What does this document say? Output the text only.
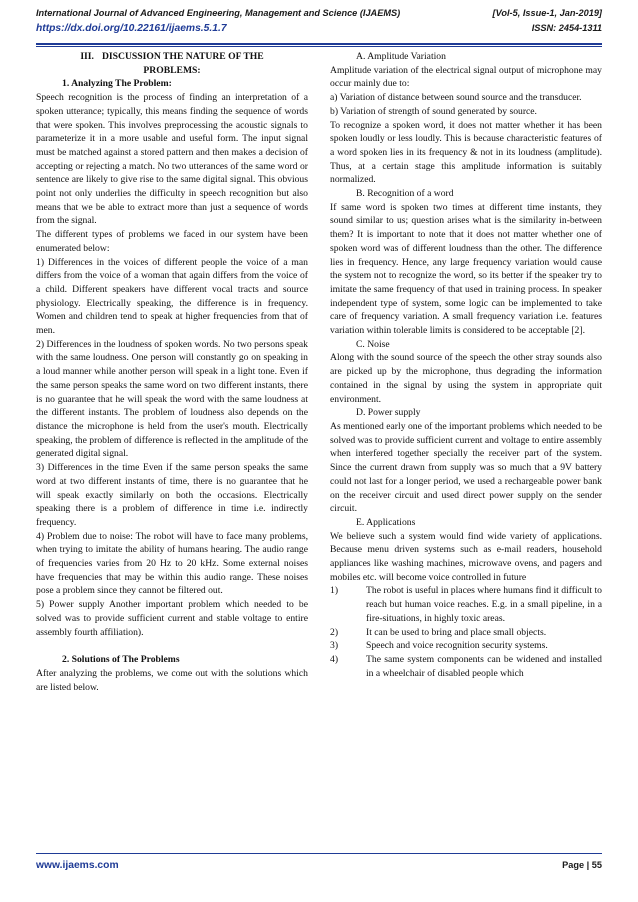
International Journal of Advanced Engineering, Management and Science (IJAEMS)	[Vol-5, Issue-1, Jan-2019]
https://dx.doi.org/10.22161/ijaems.5.1.7	ISSN: 2454-1311

III. DISCUSSION THE NATURE OF THE PROBLEMS:

1. Analyzing The Problem:

Speech recognition is the process of finding an interpretation of a spoken utterance; typically, this means finding the sequence of words that were spoken. This involves preprocessing the acoustic signals to parameterize it in a more usable and useful form. The input signal must be matched against a stored pattern and then makes a decision of accepting or rejecting a match. No two utterances of the same word or sentence are likely to give rise to the same digital signal. This obvious point not only underlies the difficulty in speech recognition but also means that we be able to extract more than just a sequence of words from the signal.

The different types of problems we faced in our system have been enumerated below:

1) Differences in the voices of different people the voice of a man differs from the voice of a woman that again differs from the voice of a child. Different speakers have different vocal tracts and source physiology. Electrically speaking, the difference is in frequency. Women and children tend to speak at higher frequencies from that of men.

2) Differences in the loudness of spoken words. No two persons speak with the same loudness. One person will constantly go on speaking in a loud manner while another person will speak in a light tone. Even if the same person speaks the same word on two different instants, there is no guarantee that he will speak the word with the same loudness at the different instants. The problem of loudness also depends on the distance the microphone is held from the user's mouth. Electrically speaking, the problem of difference is reflected in the amplitude of the generated digital signal.

3) Differences in the time Even if the same person speaks the same word at two different instants of time, there is no guarantee that he will speak exactly similarly on both the occasions. Electrically speaking there is a problem of difference in time i.e. indirectly frequency.

4) Problem due to noise: The robot will have to face many problems, when trying to imitate the ability of humans hearing. The audio range of frequencies varies from 20 Hz to 20 kHz. Some external noises have frequencies that may be within this audio range. These noises pose a problem since they cannot be filtered out.

5) Power supply Another important problem which needed to be solved was to provide sufficient current and stable voltage to entire assembly fourth affiliation).

2. Solutions of The Problems

After analyzing the problems, we come out with the solutions which are listed below.

A. Amplitude Variation

Amplitude variation of the electrical signal output of microphone may occur mainly due to:

a) Variation of distance between sound source and the transducer.

b) Variation of strength of sound generated by source.

To recognize a spoken word, it does not matter whether it has been spoken loudly or less loudly. This is because characteristic features of a word spoken lies in its frequency & not in its loudness (amplitude). Thus, at a certain stage this amplitude information is suitably normalized.

B. Recognition of a word

If same word is spoken two times at different time instants, they sound similar to us; question arises what is the similarity in-between them? It is important to note that it does not matter whether one of spoken word was of different loudness than the other. The difference lies in frequency. Hence, any large frequency variation would cause the system not to recognize the word, so its better if the speaker try to imitate the same frequency of that used in training process. In speaker independent type of system, some logic can be implemented to take care of frequency variation. A small frequency variation i.e. features variation within tolerable limits is considered to be acceptable [2].

C. Noise

Along with the sound source of the speech the other stray sounds also are picked up by the microphone, thus degrading the information contained in the signal by using the system in appropriate quit environment.

D. Power supply

As mentioned early one of the important problems which needed to be solved was to provide sufficient current and voltage to entire assembly when interfered together specially the receiver part of the system. Since the current drawn from supply was so much that a 9V battery could not last for a longer period, we used a rechargeable power bank on the receiver circuit and used direct power supply on the sender circuit.

E. Applications

We believe such a system would find wide variety of applications. Because menu driven systems such as e-mail readers, household appliances like washing machines, microwave ovens, and pagers and mobiles etc. will become voice controlled in future

1)	The robot is useful in places where humans find it difficult to reach but human voice reaches. E.g. in a small pipeline, in a fire-situations, in highly toxic areas.
2)	It can be used to bring and place small objects.
3)	Speech and voice recognition security systems.
4)	The same system components can be widened and installed in a wheelchair of disabled people which
www.ijaems.com	Page | 55
